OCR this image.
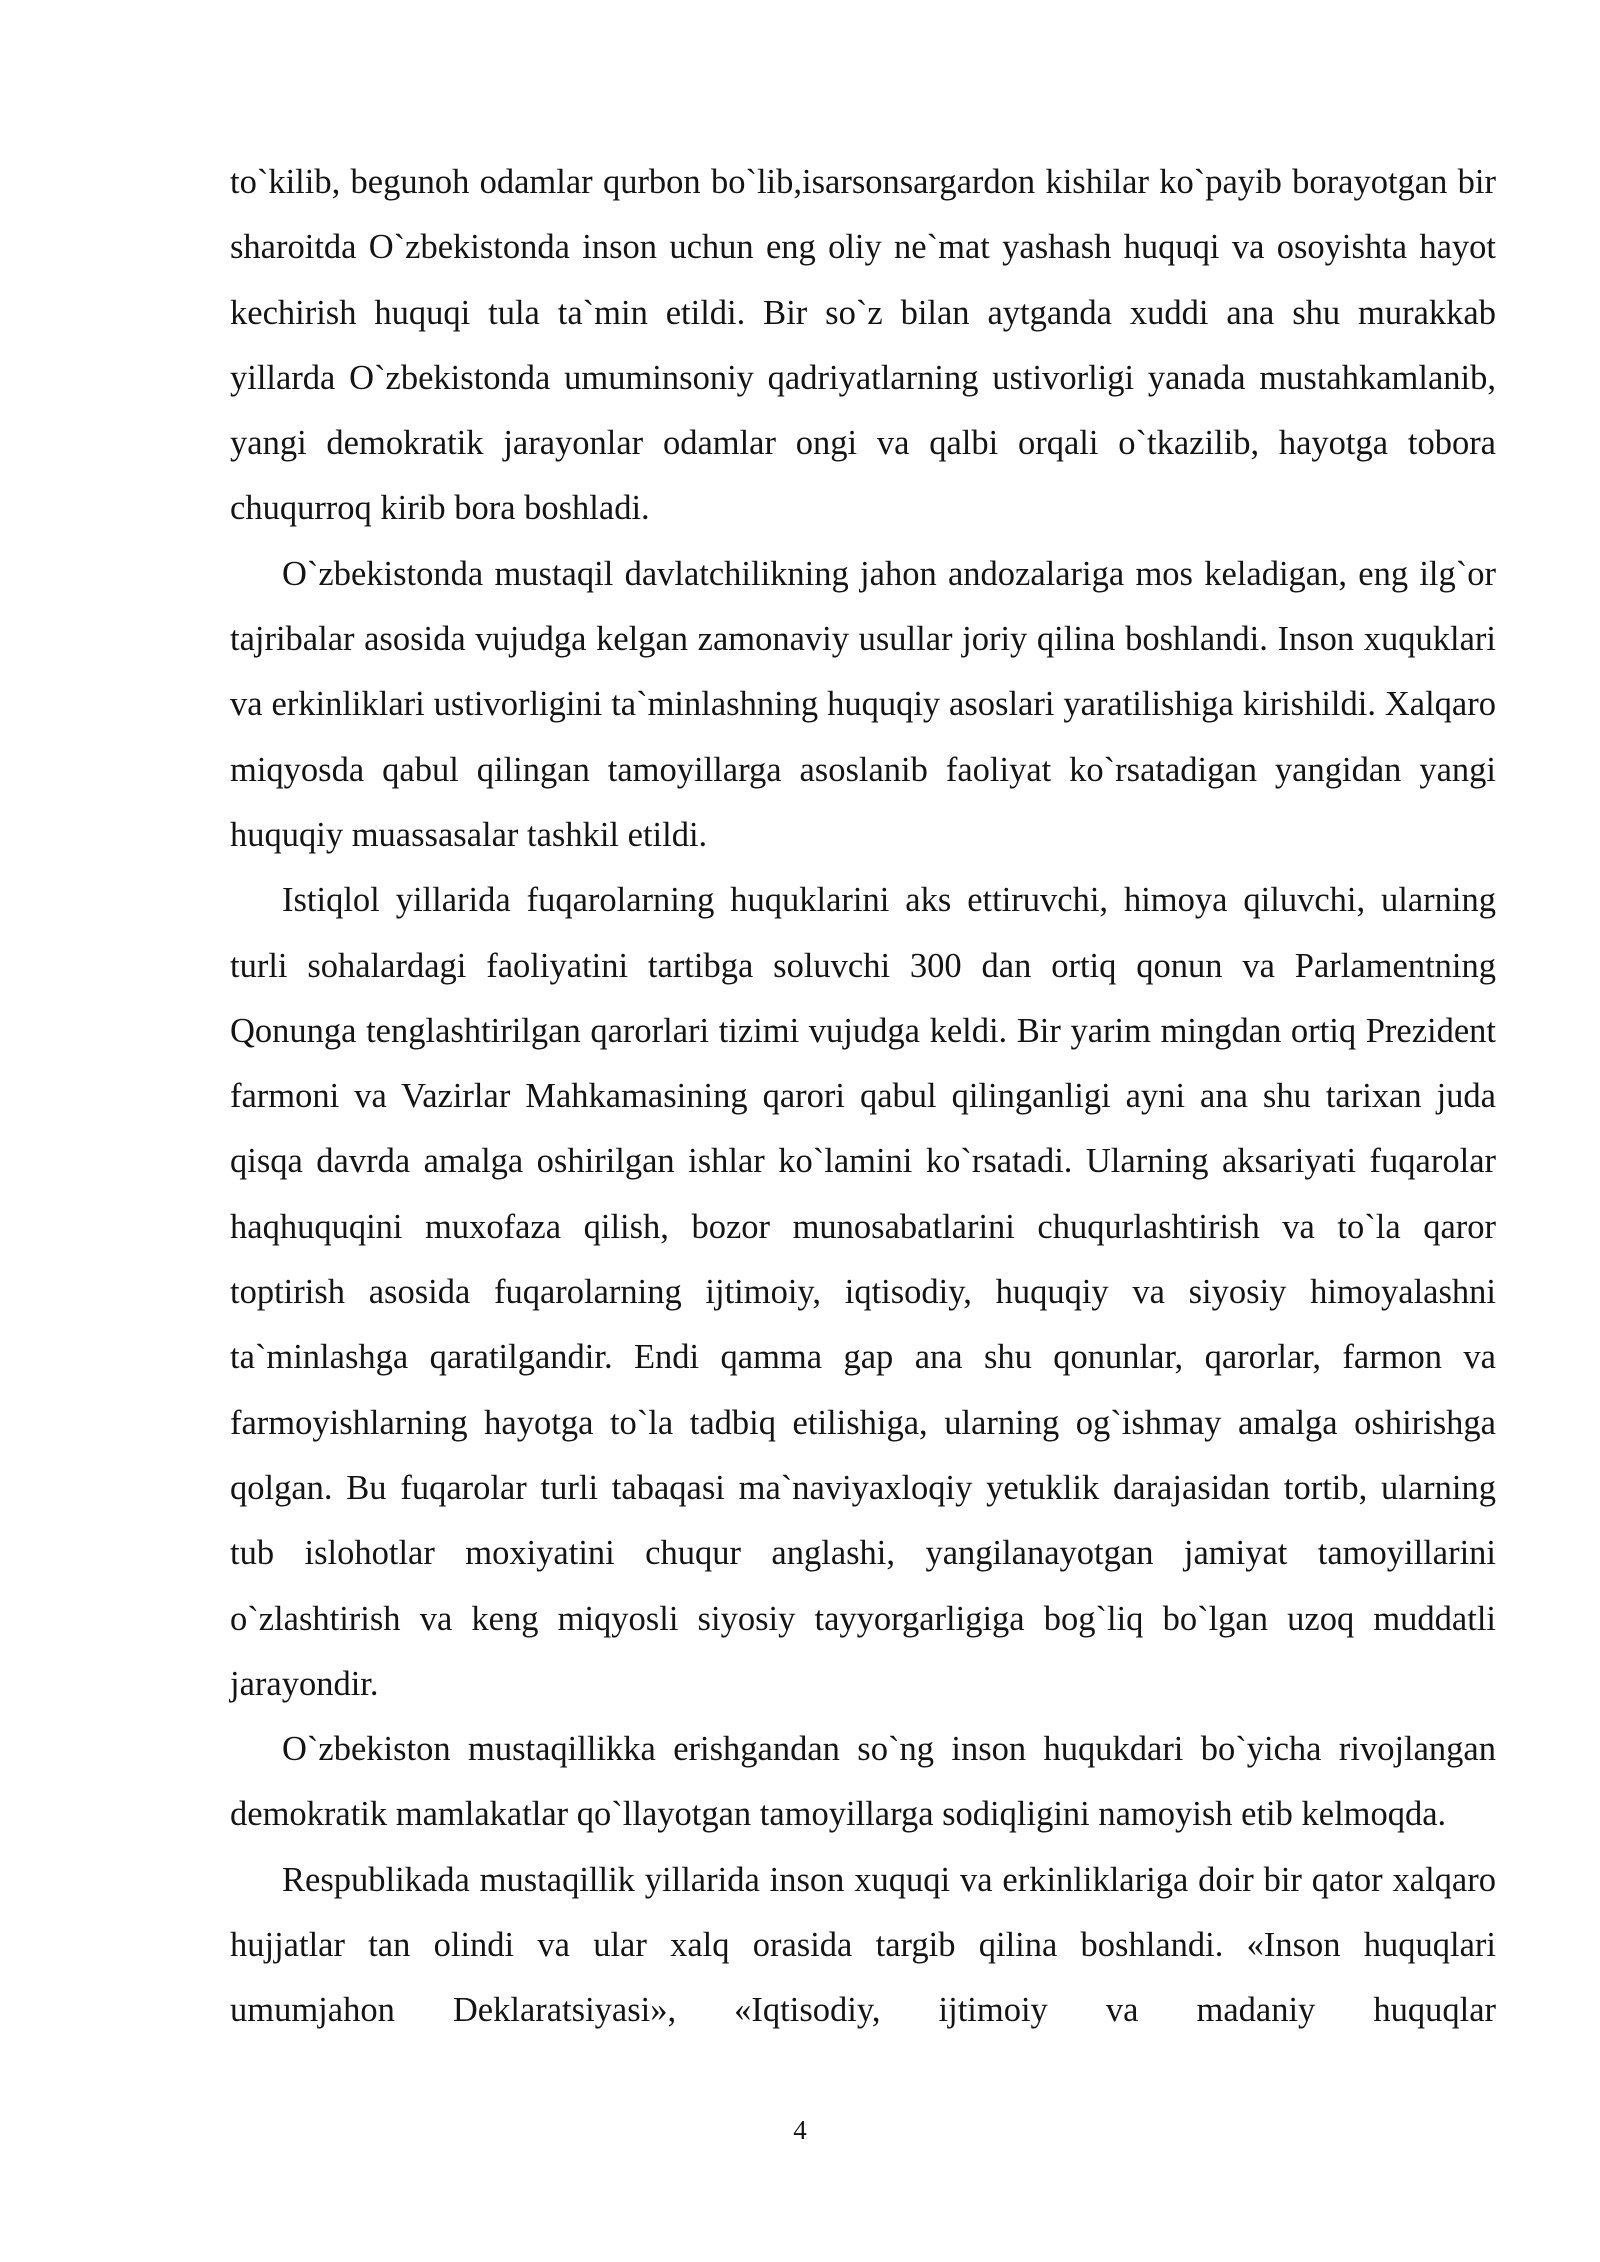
to`kilib, begunoh odamlar qurbon bo`lib,isarsonsargardon kishilar ko`payib borayotgan bir sharoitda O`zbekistonda inson uchun eng oliy ne`mat yashash huquqi va osoyishta hayot kechirish huquqi tula ta`min etildi. Bir so`z bilan aytganda xuddi ana shu murakkab yillarda O`zbekistonda umuminsoniy qadriyatlarning ustivorligi yanada mustahkamlanib, yangi demokratik jarayonlar odamlar ongi va qalbi orqali o`tkazilib, hayotga tobora chuqurroq kirib bora boshladi.

O`zbekistonda mustaqil davlatchilikning jahon andozalariga mos keladigan, eng ilg`or tajribalar asosida vujudga kelgan zamonaviy usullar joriy qilina boshlandi. Inson xuquklari va erkinliklari ustivorligini ta`minlashning huquqiy asoslari yaratilishiga kirishildi. Xalqaro miqyosda qabul qilingan tamoyillarga asoslanib faoliyat ko`rsatadigan yangidan yangi huquqiy muassasalar tashkil etildi.

Istiqlol yillarida fuqarolarning huquklarini aks ettiruvchi, himoya qiluvchi, ularning turli sohalardagi faoliyatini tartibga soluvchi 300 dan ortiq qonun va Parlamentning Qonunga tenglashtirilgan qarorlari tizimi vujudga keldi. Bir yarim mingdan ortiq Prezident farmoni va Vazirlar Mahkamasining qarori qabul qilinganligi ayni ana shu tarixan juda qisqa davrda amalga oshirilgan ishlar ko`lamini ko`rsatadi. Ularning aksariyati fuqarolar haqhuquqini muxofaza qilish, bozor munosabatlarini chuqurlashtirish va to`la qaror toptirish asosida fuqarolarning ijtimoiy, iqtisodiy, huquqiy va siyosiy himoyalashni ta`minlashga qaratilgandir. Endi qamma gap ana shu qonunlar, qarorlar, farmon va farmoyishlarning hayotga to`la tadbiq etilishiga, ularning og`ishmay amalga oshirishga qolgan. Bu fuqarolar turli tabaqasi ma`naviyaxloqiy yetuklik darajasidan tortib, ularning tub islohotlar moxiyatini chuqur anglashi, yangilanayotgan jamiyat tamoyillarini o`zlashtirish va keng miqyosli siyosiy tayyorgarligiga bog`liq bo`lgan uzoq muddatli jarayondir.

O`zbekiston mustaqillikka erishgandan so`ng inson huqukdari bo`yicha rivojlangan demokratik mamlakatlar qo`llayotgan tamoyillarga sodiqligini namoyish etib kelmoqda.

Respublikada mustaqillik yillarida inson xuquqi va erkinliklariga doir bir qator xalqaro hujjatlar tan olindi va ular xalq orasida targib qilina boshlandi. «Inson huquqlari umumjahon Deklaratsiyasi», «Iqtisodiy, ijtimoiy va madaniy huquqlar

4
